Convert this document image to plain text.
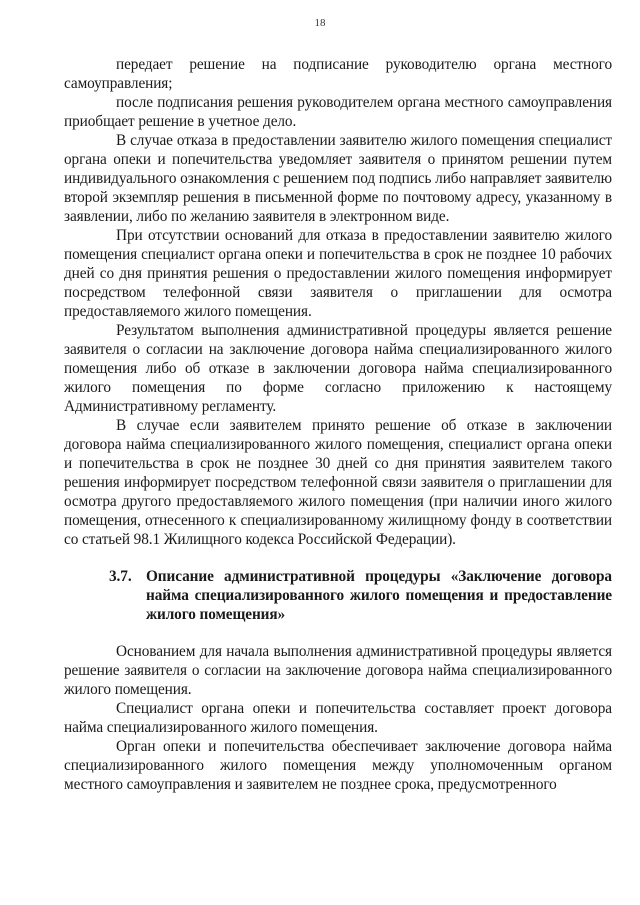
18

передает решение на подписание руководителю органа местного самоуправления;

после подписания решения руководителем органа местного самоуправления приобщает решение в учетное дело.

В случае отказа в предоставлении заявителю жилого помещения специалист органа опеки и попечительства уведомляет заявителя о принятом решении путем индивидуального ознакомления с решением под подпись либо направляет заявителю второй экземпляр решения в письменной форме по почтовому адресу, указанному в заявлении, либо по желанию заявителя в электронном виде.

При отсутствии оснований для отказа в предоставлении заявителю жилого помещения специалист органа опеки и попечительства в срок не позднее 10 рабочих дней со дня принятия решения о предоставлении жилого помещения информирует посредством телефонной связи заявителя о приглашении для осмотра предоставляемого жилого помещения.

Результатом выполнения административной процедуры является решение заявителя о согласии на заключение договора найма специализированного жилого помещения либо об отказе в заключении договора найма специализированного жилого помещения по форме согласно приложению к настоящему Административному регламенту.

В случае если заявителем принято решение об отказе в заключении договора найма специализированного жилого помещения, специалист органа опеки и попечительства в срок не позднее 30 дней со дня принятия заявителем такого решения информирует посредством телефонной связи заявителя о приглашении для осмотра другого предоставляемого жилого помещения (при наличии иного жилого помещения, отнесенного к специализированному жилищному фонду в соответствии со статьей 98.1 Жилищного кодекса Российской Федерации).

3.7. Описание административной процедуры «Заключение договора найма специализированного жилого помещения и предоставление жилого помещения»

Основанием для начала выполнения административной процедуры является решение заявителя о согласии на заключение договора найма специализированного жилого помещения.

Специалист органа опеки и попечительства составляет проект договора найма специализированного жилого помещения.

Орган опеки и попечительства обеспечивает заключение договора найма специализированного жилого помещения между уполномоченным органом местного самоуправления и заявителем не позднее срока, предусмотренного
